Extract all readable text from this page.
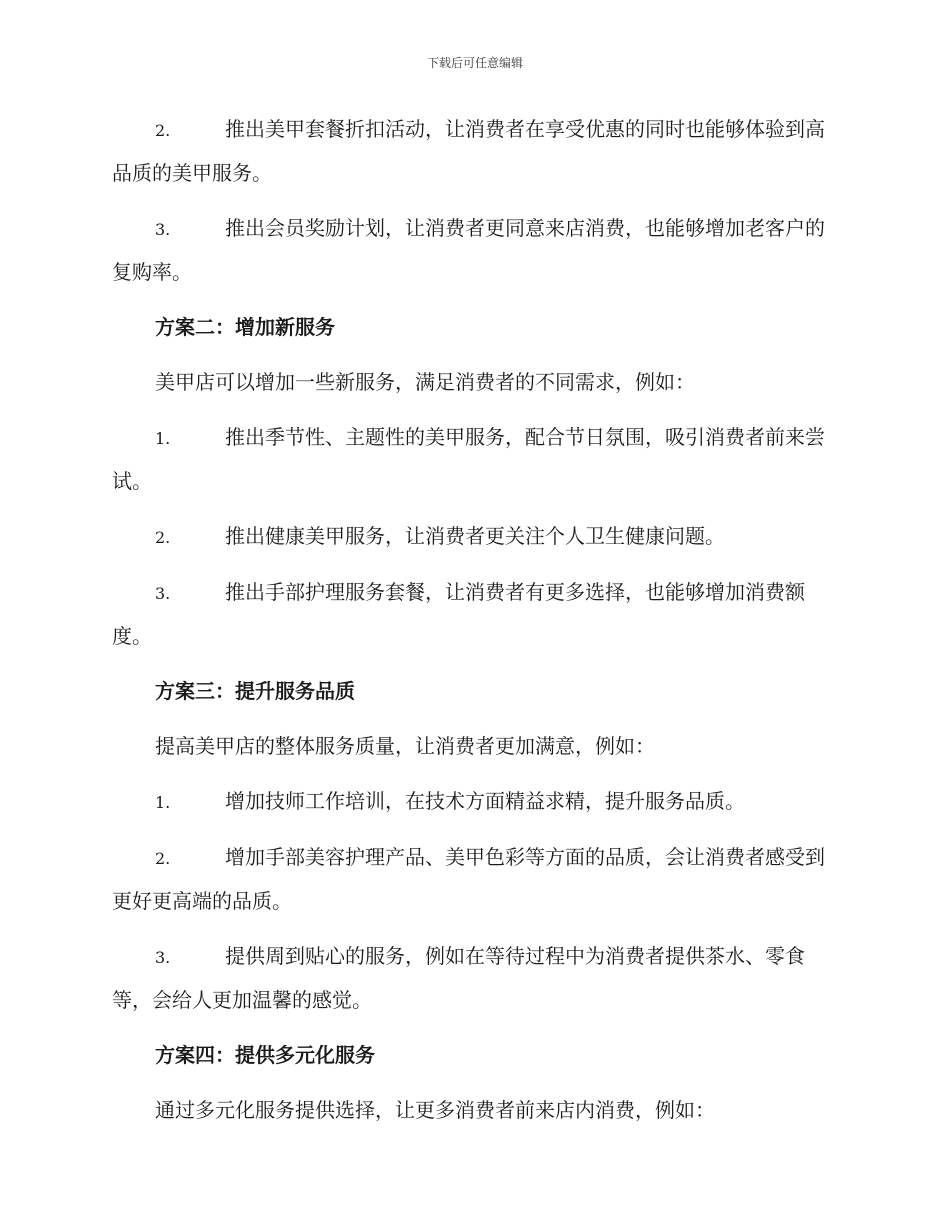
下载后可任意编辑

2.	推出美甲套餐折扣活动，让消费者在享受优惠的同时也能够体验到高品质的美甲服务。

3.	推出会员奖励计划，让消费者更同意来店消费，也能够增加老客户的复购率。

方案二：增加新服务

美甲店可以增加一些新服务，满足消费者的不同需求，例如：

1.	推出季节性、主题性的美甲服务，配合节日氛围，吸引消费者前来尝试。

2.	推出健康美甲服务，让消费者更关注个人卫生健康问题。

3.	推出手部护理服务套餐，让消费者有更多选择，也能够增加消费额度。

方案三：提升服务品质

提高美甲店的整体服务质量，让消费者更加满意，例如：

1.	增加技师工作培训，在技术方面精益求精，提升服务品质。

2.	增加手部美容护理产品、美甲色彩等方面的品质，会让消费者感受到更好更高端的品质。

3.	提供周到贴心的服务，例如在等待过程中为消费者提供茶水、零食等，会给人更加温馨的感觉。

方案四：提供多元化服务

通过多元化服务提供选择，让更多消费者前来店内消费，例如：
